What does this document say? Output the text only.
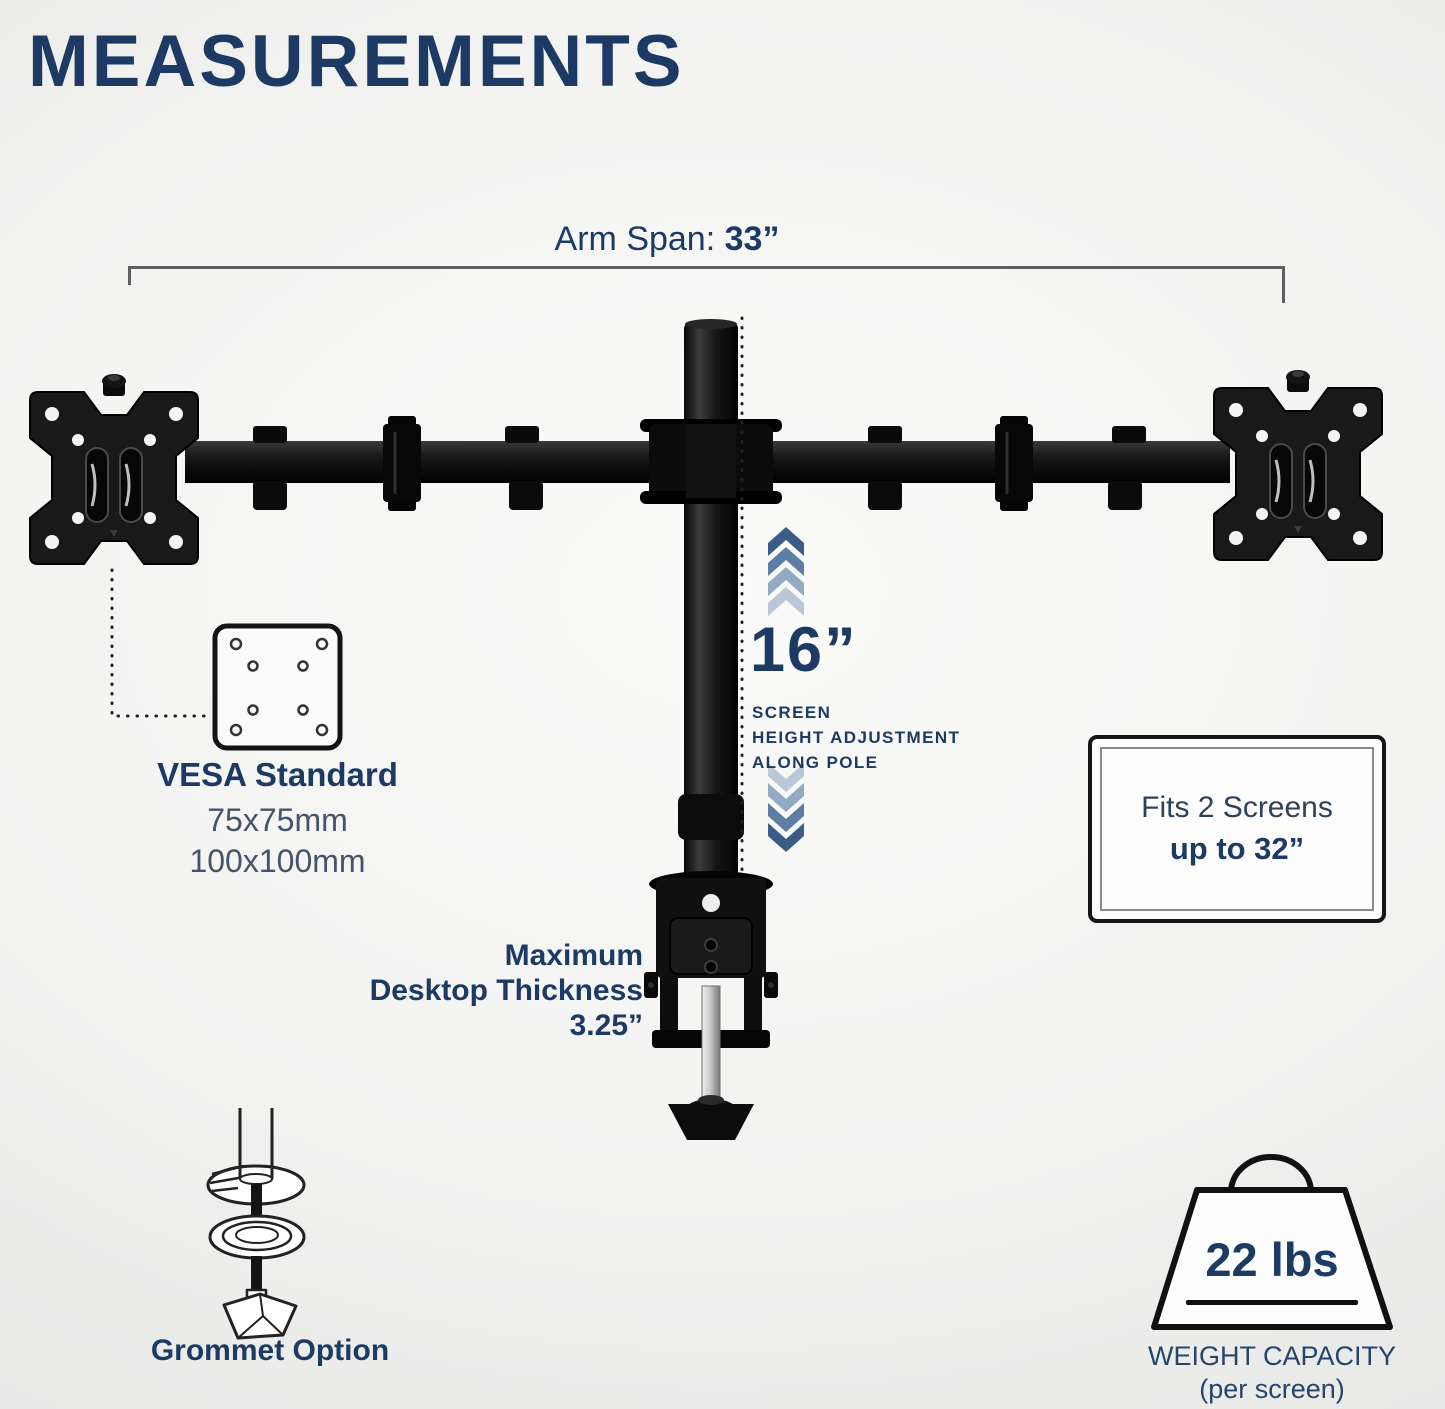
MEASUREMENTS
Arm Span: 33”
16”
SCREEN
HEIGHT ADJUSTMENT
ALONG POLE
VESA Standard
75x75mm
100x100mm
Maximum
Desktop Thickness
3.25”
Fits 2 Screens
up to 32”
Grommet Option
22 lbs
WEIGHT CAPACITY
(per screen)
